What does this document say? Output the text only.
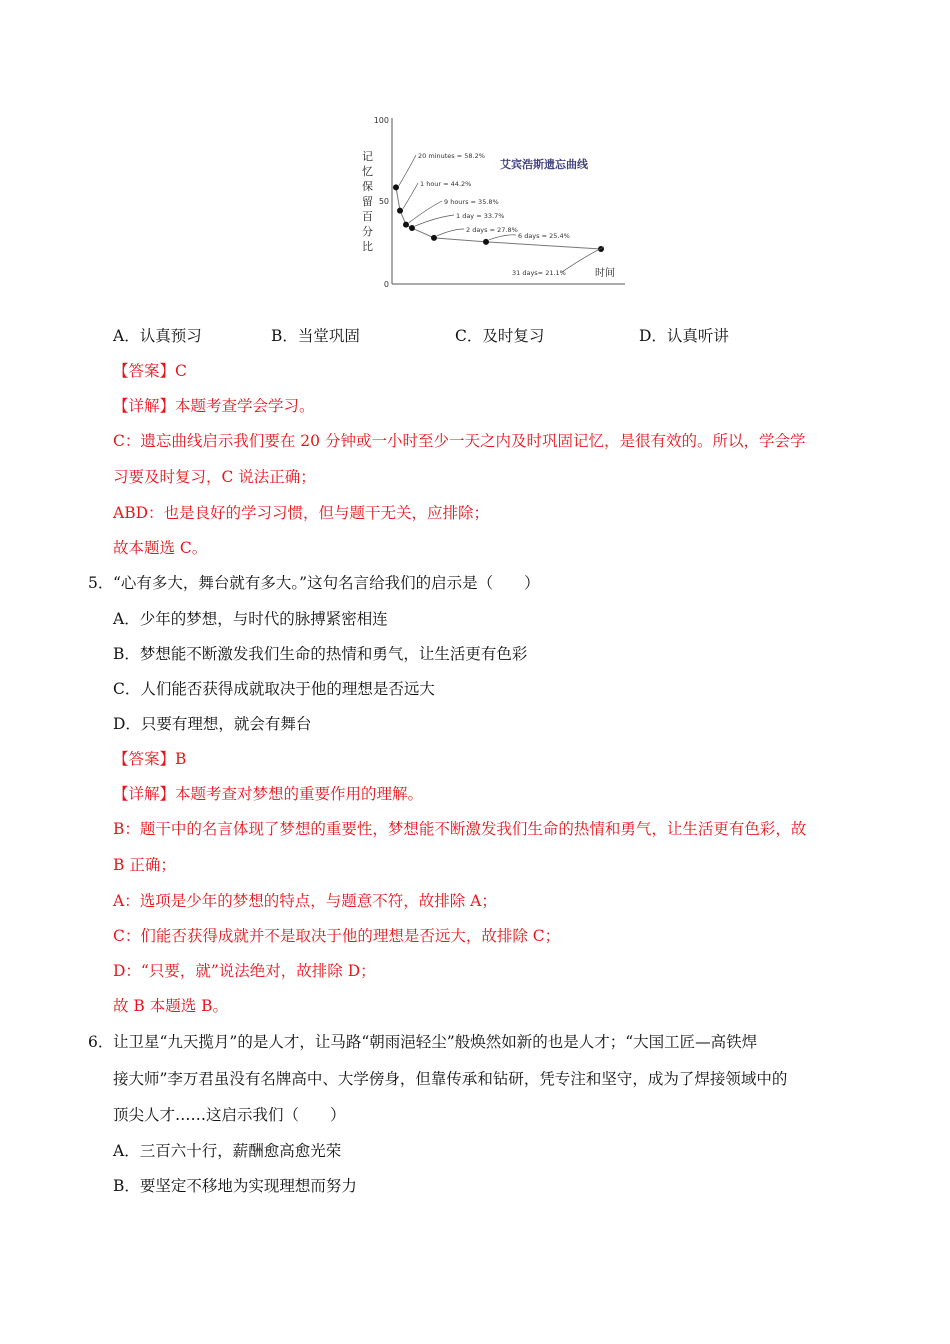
100
50
0
记忆保留百分比
艾宾浩斯遗忘曲线
时间
20 minutes = 58.2%
1 hour = 44.2%
9 hours = 35.8%
1 day = 33.7%
2 days = 27.8%
6 days = 25.4%
31 days= 21.1%
A．认真预习	B．当堂巩固	C．及时复习	D．认真听讲
【答案】C
【详解】本题考查学会学习。
C：遗忘曲线启示我们要在 20 分钟或一小时至少一天之内及时巩固记忆，是很有效的。所以，学会学
习要及时复习，C 说法正确；
ABD：也是良好的学习习惯，但与题干无关，应排除；
故本题选 C。
5． “心有多大，舞台就有多大。”这句名言给我们的启示是（　　）
A．少年的梦想，与时代的脉搏紧密相连
B．梦想能不断激发我们生命的热情和勇气，让生活更有色彩
C．人们能否获得成就取决于他的理想是否远大
D．只要有理想，就会有舞台
【答案】B
【详解】本题考查对梦想的重要作用的理解。
B：题干中的名言体现了梦想的重要性，梦想能不断激发我们生命的热情和勇气，让生活更有色彩，故
B 正确；
A：选项是少年的梦想的特点，与题意不符，故排除 A；
C：们能否获得成就并不是取决于他的理想是否远大，故排除 C；
D：“只要，就”说法绝对，故排除 D；
故 B 本题选 B。
6． 让卫星“九天揽月”的是人才，让马路“朝雨浥轻尘”般焕然如新的也是人才；“大国工匠—高铁焊
接大师”李万君虽没有名牌高中、大学傍身，但靠传承和钻研，凭专注和坚守，成为了焊接领域中的
顶尖人才……这启示我们（　　）
A．三百六十行，薪酬愈高愈光荣
B．要坚定不移地为实现理想而努力
